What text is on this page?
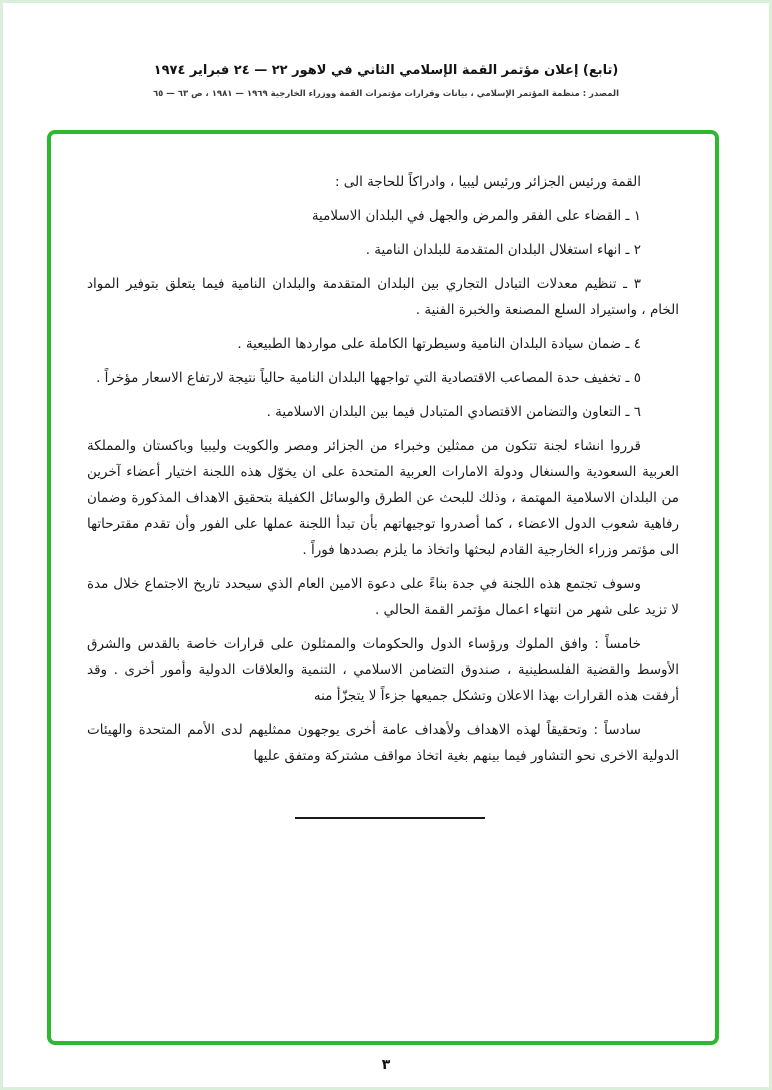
(تابع) إعلان مؤتمر القمة الإسلامي الثاني في لاهور ٢٢ — ٢٤ فبراير ١٩٧٤
المصدر : منظمة المؤتمر الإسلامي ، بيانات وقرارات مؤتمرات القمة ووزراء الخارجية ١٩٦٩ — ١٩٨١ ، ص ٦٣ — ٦٥

القمة ورئيس الجزائر ورئيس ليبيا ، وادراكاً للحاجة الى :

١ ـ القضاء على الفقر والمرض والجهل في البلدان الاسلامية

٢ ـ انهاء استغلال البلدان المتقدمة للبلدان النامية .

٣ ـ تنظيم معدلات التبادل التجاري بين البلدان المتقدمة والبلدان النامية فيما يتعلق بتوفير المواد الخام ، واستيراد السلع المصنعة والخبرة الفنية .

٤ ـ ضمان سيادة البلدان النامية وسيطرتها الكاملة على مواردها الطبيعية .

٥ ـ تخفيف حدة المصاعب الاقتصادية التي تواجهها البلدان النامية حالياً نتيجة لارتفاع الاسعار مؤخراً .

٦ ـ التعاون والتضامن الاقتصادي المتبادل فيما بين البلدان الاسلامية .

قرروا انشاء لجنة تتكون من ممثلين وخبراء من الجزائر ومصر والكويت وليبيا وباكستان والمملكة العربية السعودية والسنغال ودولة الامارات العربية المتحدة على ان يخوّل هذه اللجنة اختيار أعضاء آخرين من البلدان الاسلامية المهتمة ، وذلك للبحث عن الطرق والوسائل الكفيلة بتحقيق الاهداف المذكورة وضمان رفاهية شعوب الدول الاعضاء ، كما أصدروا توجيهاتهم بأن تبدأ اللجنة عملها على الفور وأن تقدم مقترحاتها الى مؤتمر وزراء الخارجية القادم لبحثها واتخاذ ما يلزم بصددها فوراً .

وسوف تجتمع هذه اللجنة في جدة بناءً على دعوة الامين العام الذي سيحدد تاريخ الاجتماع خلال مدة لا تزيد على شهر من انتهاء اعمال مؤتمر القمة الحالي .

خامساً : وافق الملوك ورؤساء الدول والحكومات والممثلون على قرارات خاصة بالقدس والشرق الأوسط والقضية الفلسطينية ، صندوق التضامن الاسلامي ، التنمية والعلاقات الدولية وأمور أخرى . وقد أرفقت هذه القرارات بهذا الاعلان وتشكل جميعها جزءاً لا يتجزّأ منه

سادساً : وتحقيقاً لهذه الاهداف ولأهداف عامة أخرى يوجهون ممثليهم لدى الأمم المتحدة والهيئات الدولية الاخرى نحو التشاور فيما بينهم بغية اتخاذ مواقف مشتركة ومتفق عليها

٣
